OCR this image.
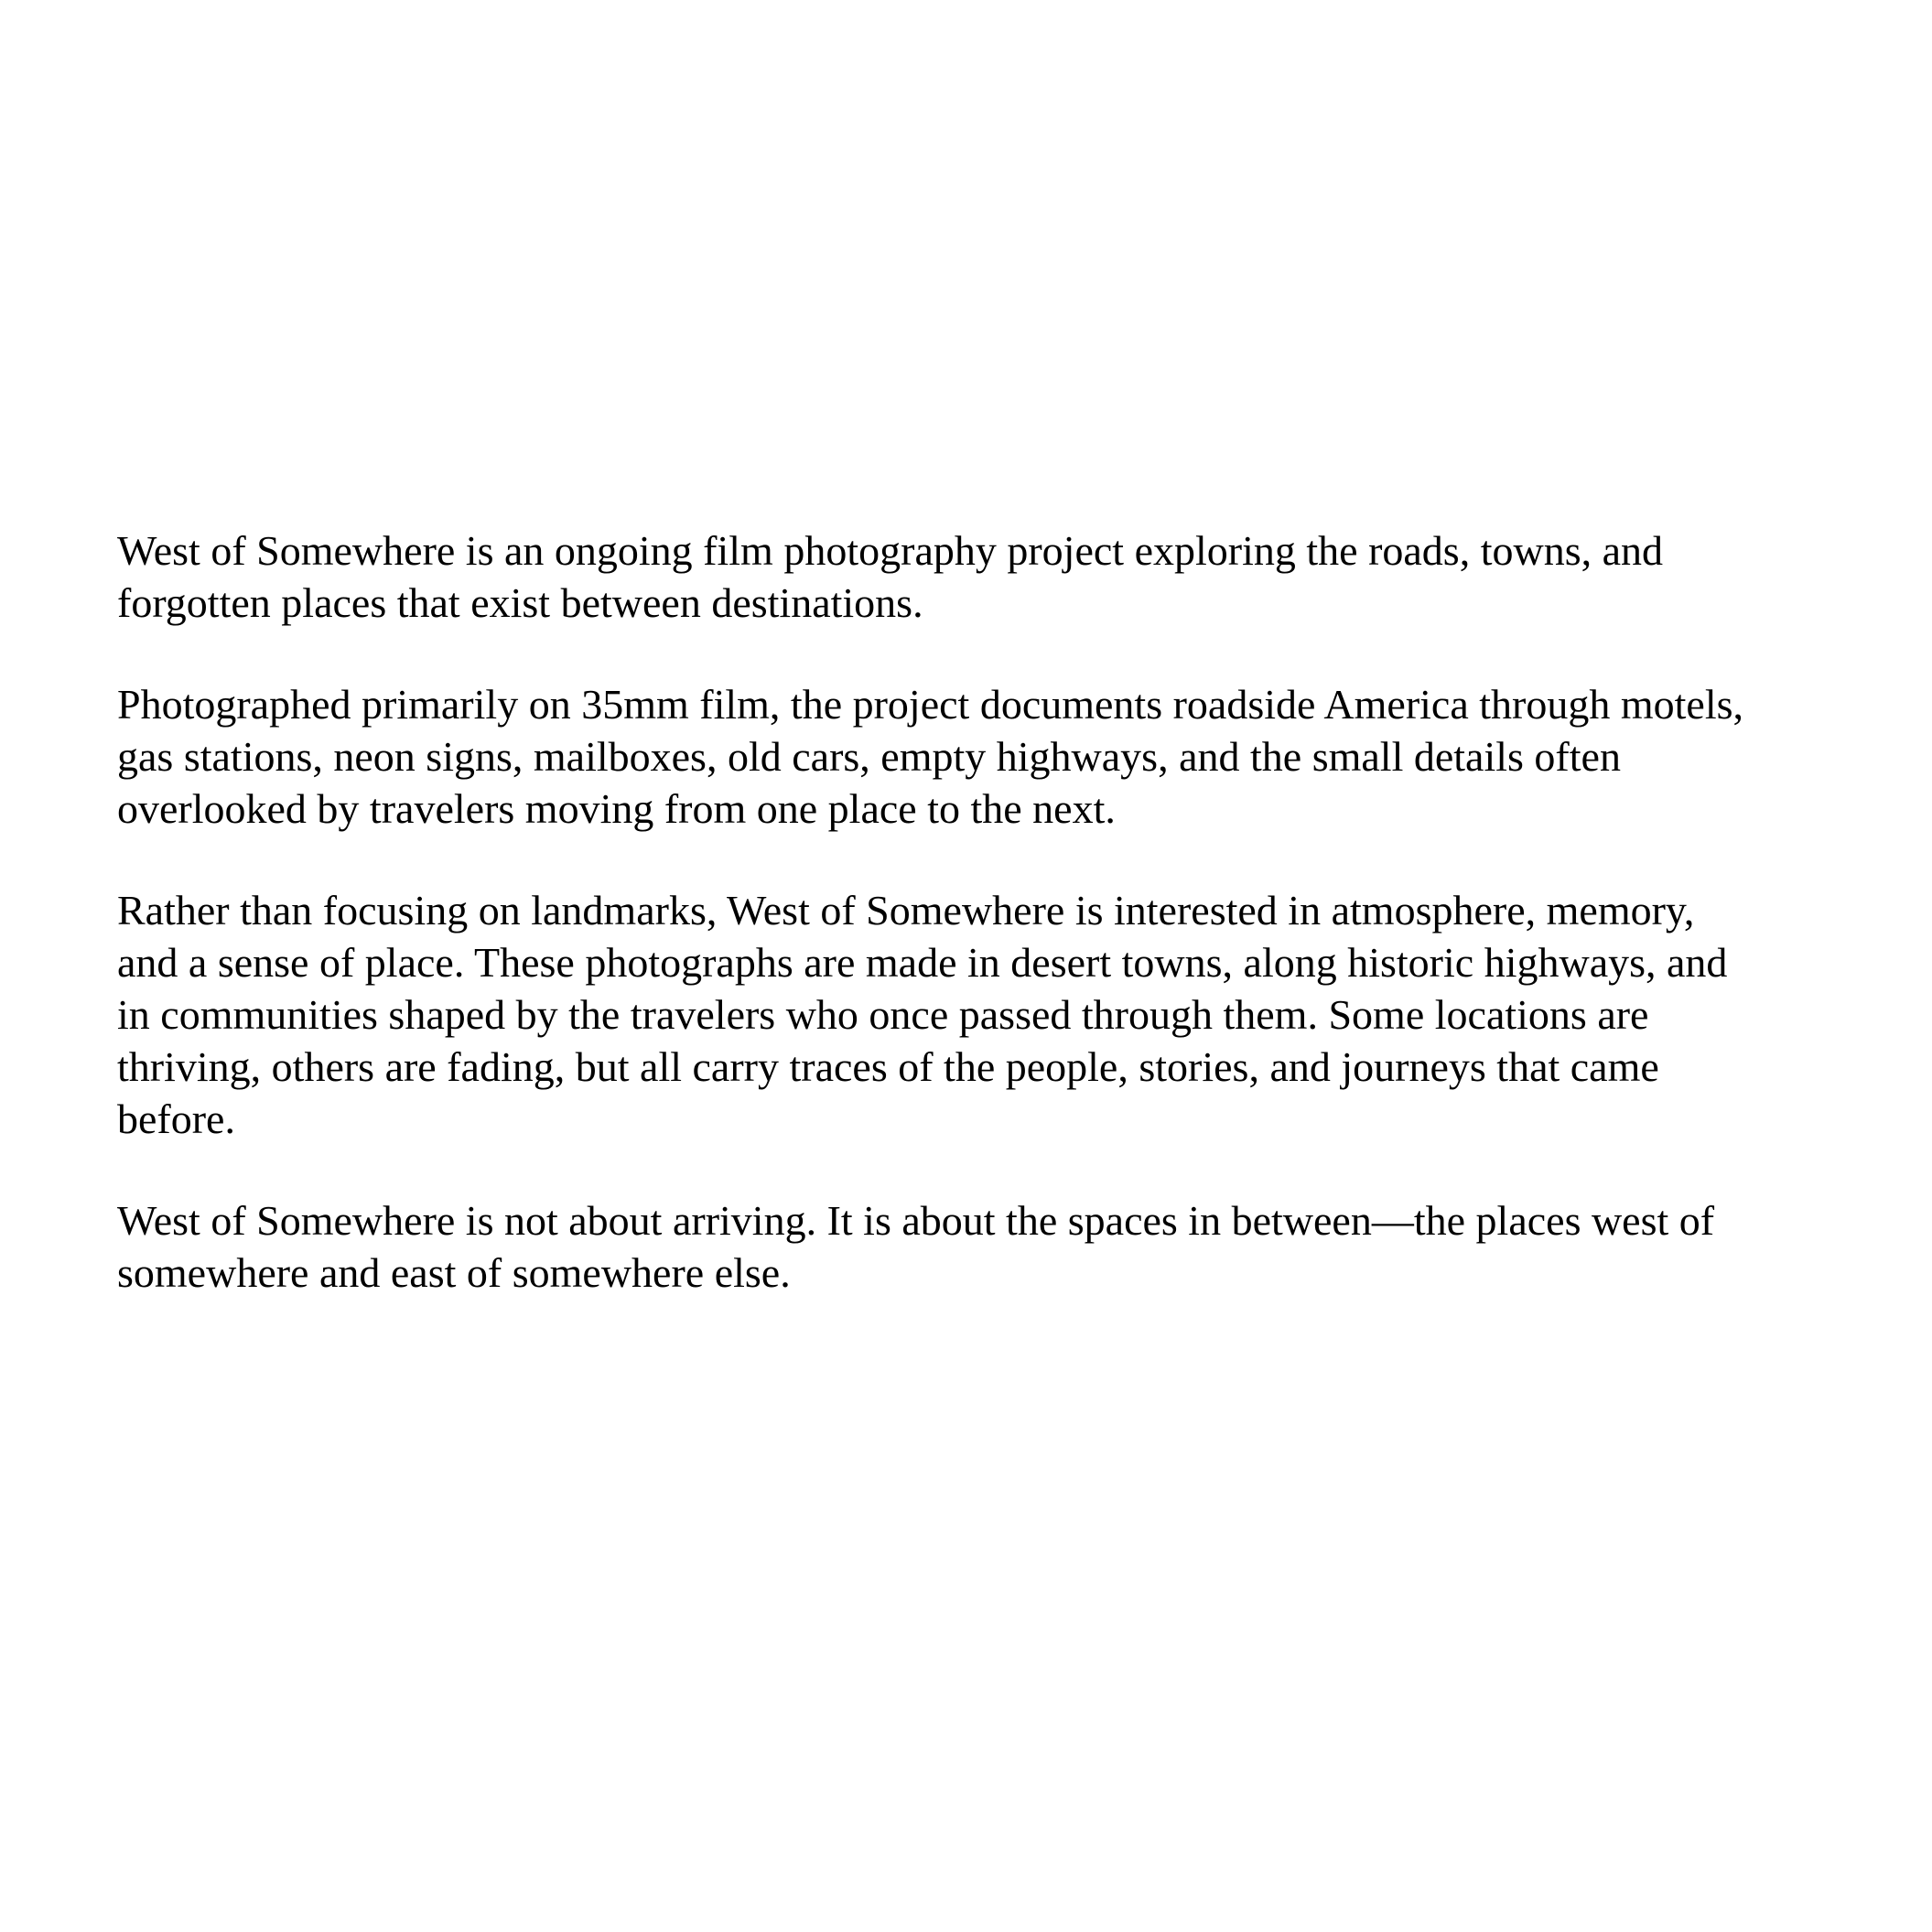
West of Somewhere is an ongoing film photography project exploring the roads, towns, and
forgotten places that exist between destinations.

Photographed primarily on 35mm film, the project documents roadside America through motels,
gas stations, neon signs, mailboxes, old cars, empty highways, and the small details often
overlooked by travelers moving from one place to the next.

Rather than focusing on landmarks, West of Somewhere is interested in atmosphere, memory,
and a sense of place. These photographs are made in desert towns, along historic highways, and
in communities shaped by the travelers who once passed through them. Some locations are
thriving, others are fading, but all carry traces of the people, stories, and journeys that came
before.

West of Somewhere is not about arriving. It is about the spaces in between—the places west of
somewhere and east of somewhere else.
